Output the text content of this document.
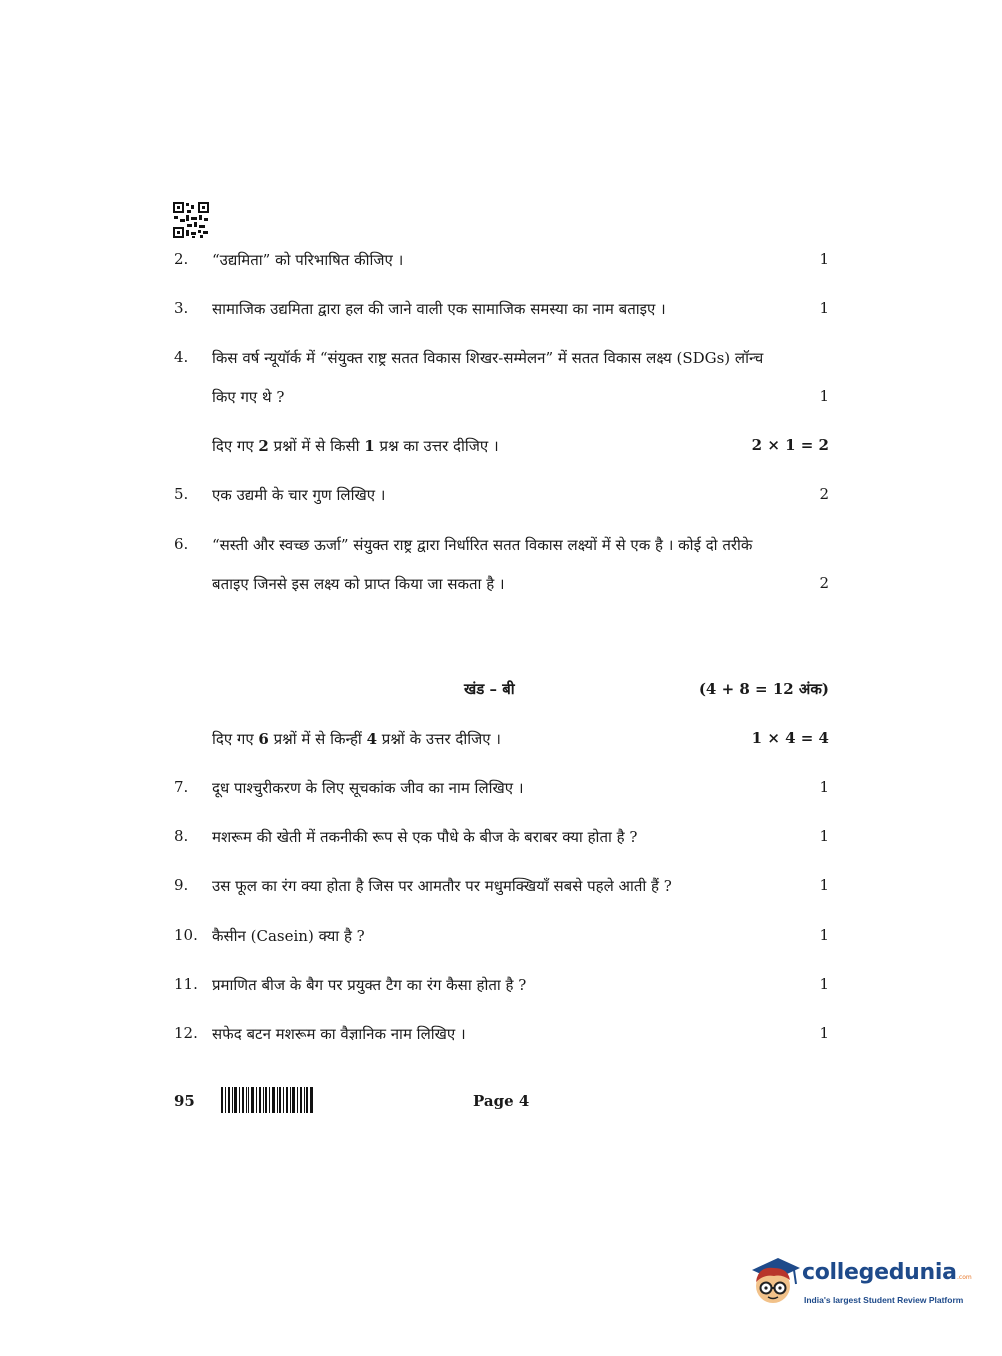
2. “उद्यमिता” को परिभाषित कीजिए ।	1
3. सामाजिक उद्यमिता द्वारा हल की जाने वाली एक सामाजिक समस्या का नाम बताइए ।	1
4. किस वर्ष न्यूयॉर्क में “संयुक्त राष्ट्र सतत विकास शिखर-सम्मेलन” में सतत विकास लक्ष्य (SDGs) लॉन्च
किए गए थे ?	1
दिए गए 2 प्रश्नों में से किसी 1 प्रश्न का उत्तर दीजिए ।	2 × 1 = 2
5. एक उद्यमी के चार गुण लिखिए ।	2
6. “सस्ती और स्वच्छ ऊर्जा” संयुक्त राष्ट्र द्वारा निर्धारित सतत विकास लक्ष्यों में से एक है । कोई दो तरीके
बताइए जिनसे इस लक्ष्य को प्राप्त किया जा सकता है ।	2
खंड – बी	(4 + 8 = 12 अंक)
दिए गए 6 प्रश्नों में से किन्हीं 4 प्रश्नों के उत्तर दीजिए ।	1 × 4 = 4
7. दूध पाश्चुरीकरण के लिए सूचकांक जीव का नाम लिखिए ।	1
8. मशरूम की खेती में तकनीकी रूप से एक पौधे के बीज के बराबर क्या होता है ?	1
9. उस फूल का रंग क्या होता है जिस पर आमतौर पर मधुमक्खियाँ सबसे पहले आती हैं ?	1
10. कैसीन (Casein) क्या है ?	1
11. प्रमाणित बीज के बैग पर प्रयुक्त टैग का रंग कैसा होता है ?	1
12. सफेद बटन मशरूम का वैज्ञानिक नाम लिखिए ।	1
95	Page 4
collegedunia .com
India's largest Student Review Platform
